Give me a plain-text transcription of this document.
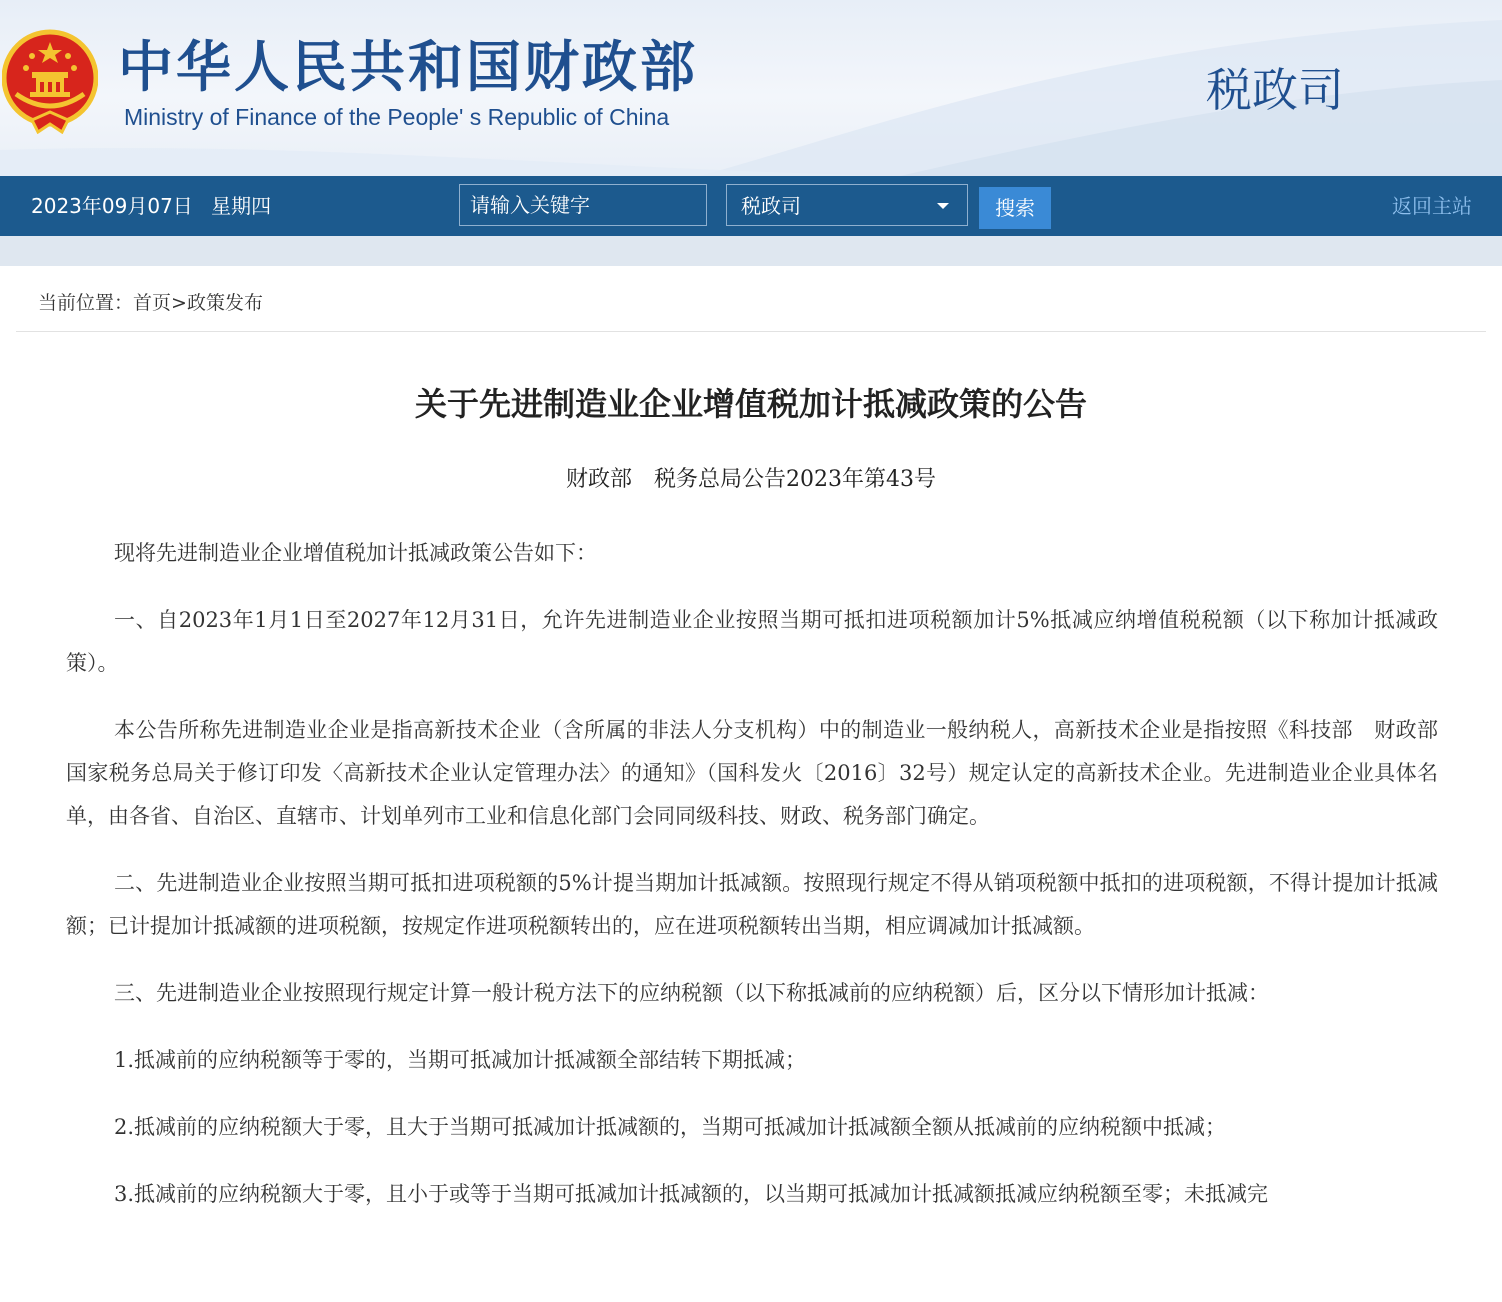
中华人民共和国财政部
Ministry of Finance of the People' s Republic of China	税政司
2023年09月07日 星期四
请输入关键字	税政司	搜索	返回主站
当前位置：首页>政策发布
关于先进制造业企业增值税加计抵减政策的公告
财政部　税务总局公告2023年第43号

现将先进制造业企业增值税加计抵减政策公告如下：

一、自2023年1月1日至2027年12月31日，允许先进制造业企业按照当期可抵扣进项税额加计5%抵减应纳增值税税额（以下称加计抵减政策）。

本公告所称先进制造业企业是指高新技术企业（含所属的非法人分支机构）中的制造业一般纳税人，高新技术企业是指按照《科技部　财政部　国家税务总局关于修订印发〈高新技术企业认定管理办法〉的通知》（国科发火〔2016〕32号）规定认定的高新技术企业。先进制造业企业具体名单，由各省、自治区、直辖市、计划单列市工业和信息化部门会同同级科技、财政、税务部门确定。

二、先进制造业企业按照当期可抵扣进项税额的5%计提当期加计抵减额。按照现行规定不得从销项税额中抵扣的进项税额，不得计提加计抵减额；已计提加计抵减额的进项税额，按规定作进项税额转出的，应在进项税额转出当期，相应调减加计抵减额。

三、先进制造业企业按照现行规定计算一般计税方法下的应纳税额（以下称抵减前的应纳税额）后，区分以下情形加计抵减：

1.抵减前的应纳税额等于零的，当期可抵减加计抵减额全部结转下期抵减；

2.抵减前的应纳税额大于零，且大于当期可抵减加计抵减额的，当期可抵减加计抵减额全额从抵减前的应纳税额中抵减；

3.抵减前的应纳税额大于零，且小于或等于当期可抵减加计抵减额的，以当期可抵减加计抵减额抵减应纳税额至零；未抵减完
